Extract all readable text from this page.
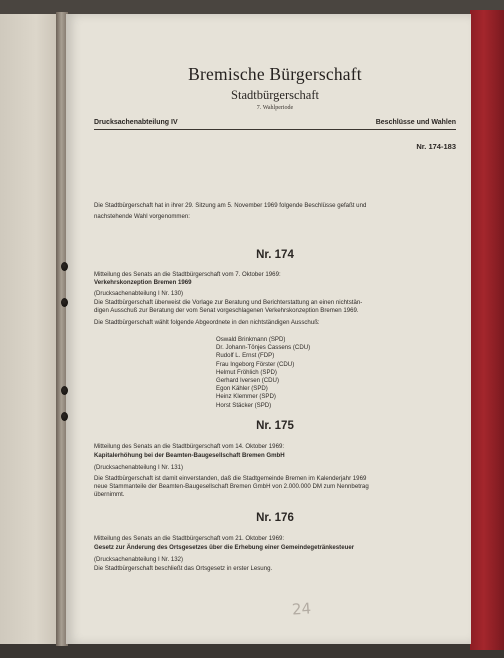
Bremische Bürgerschaft
Stadtbürgerschaft
7. Wahlperiode
Drucksachenabteilung IV	Beschlüsse und Wahlen
Nr. 174-183
Die Stadtbürgerschaft hat in ihrer 29. Sitzung am 5. November 1969 folgende Beschlüsse gefaßt und
nachstehende Wahl vorgenommen:
Nr. 174
Mitteilung des Senats an die Stadtbürgerschaft vom 7. Oktober 1969:
Verkehrskonzeption Bremen 1969
(Drucksachenabteilung I Nr. 130)
Die Stadtbürgerschaft überweist die Vorlage zur Beratung und Berichterstattung an einen nichtstän-
digen Ausschuß zur Beratung der vom Senat vorgeschlagenen Verkehrskonzeption Bremen 1969.
Die Stadtbürgerschaft wählt folgende Abgeordnete in den nichtständigen Ausschuß:
Oswald Brinkmann (SPD)
Dr. Johann-Tönjes Cassens (CDU)
Rudolf L. Ernst (FDP)
Frau Ingeborg Förster (CDU)
Helmut Fröhlich (SPD)
Gerhard Iversen (CDU)
Egon Kähler (SPD)
Heinz Klemmer (SPD)
Horst Stäcker (SPD)
Nr. 175
Mitteilung des Senats an die Stadtbürgerschaft vom 14. Oktober 1969:
Kapitalerhöhung bei der Beamten-Baugesellschaft Bremen GmbH
(Drucksachenabteilung I Nr. 131)
Die Stadtbürgerschaft ist damit einverstanden, daß die Stadtgemeinde Bremen im Kalenderjahr 1969
neue Stammanteile der Beamten-Baugesellschaft Bremen GmbH von 2.000.000 DM zum Nennbetrag
übernimmt.
Nr. 176
Mitteilung des Senats an die Stadtbürgerschaft vom 21. Oktober 1969:
Gesetz zur Änderung des Ortsgesetzes über die Erhebung einer Gemeindegetränkesteuer
(Drucksachenabteilung I Nr. 132)
Die Stadtbürgerschaft beschließt das Ortsgesetz in erster Lesung.
24
